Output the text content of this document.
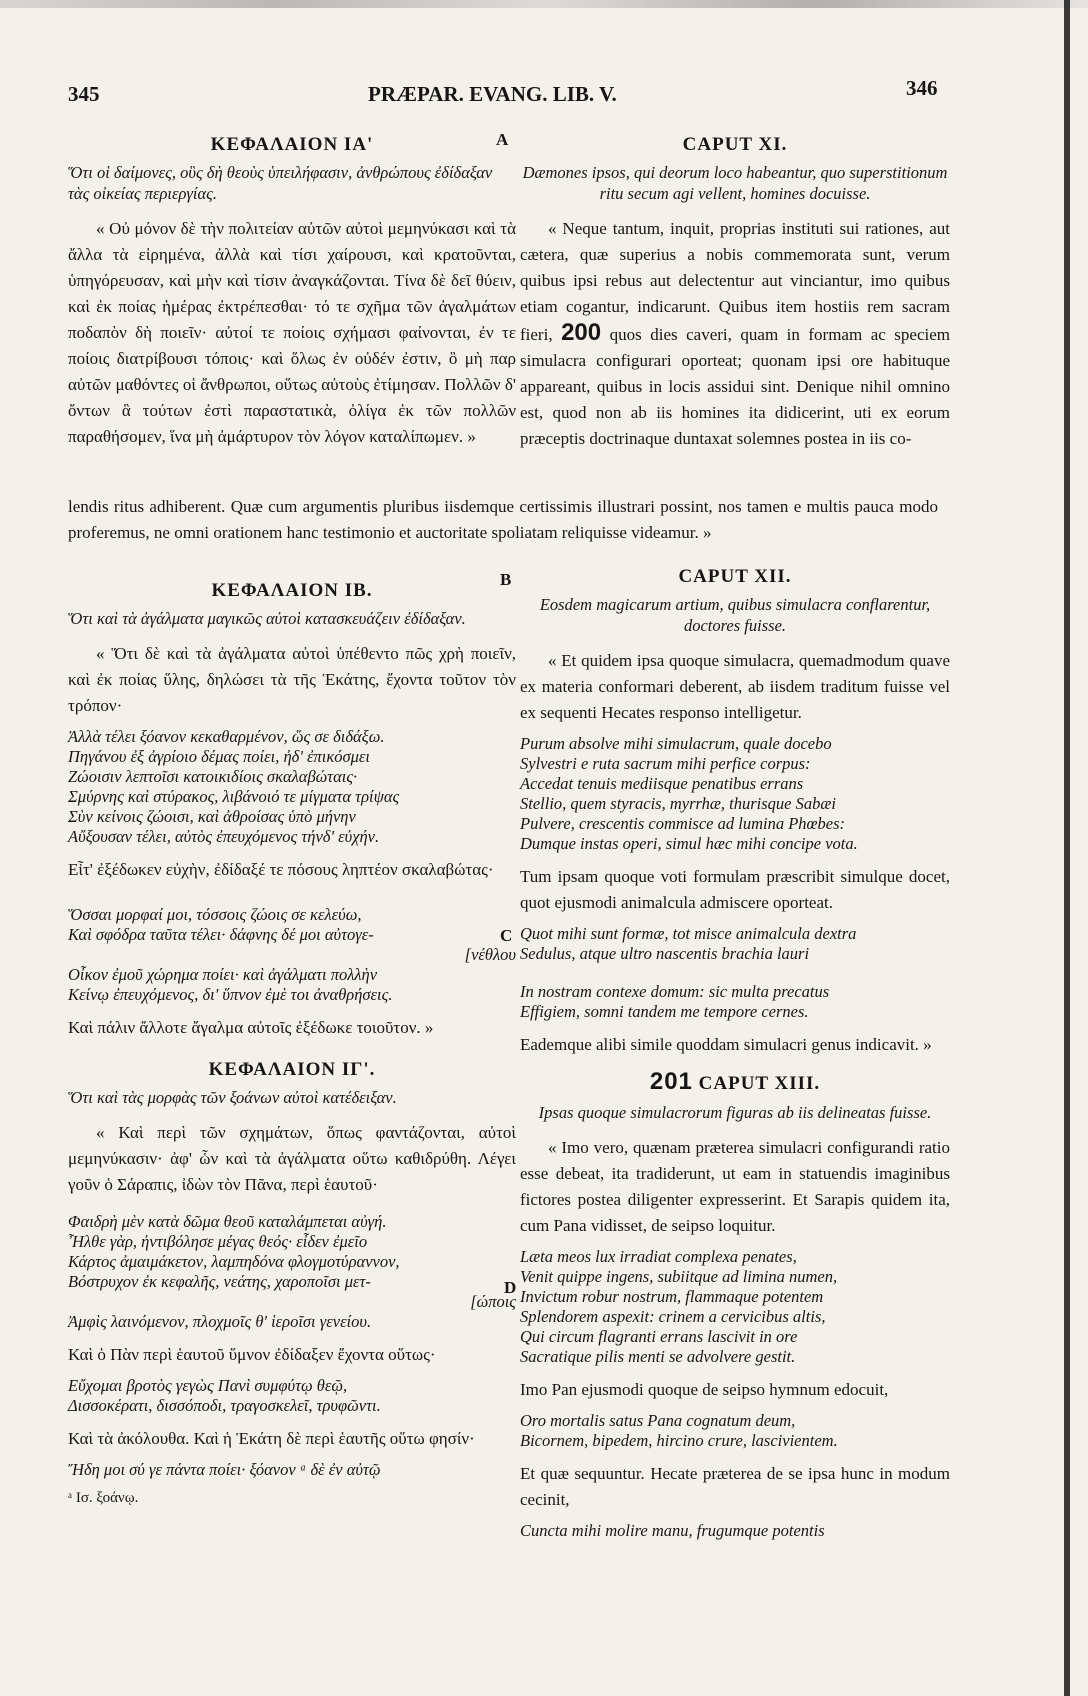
345	PRÆPAR. EVANG. LIB. V.	346
A
B
C
D
ΚΕΦΑΛΑΙΟΝ ΙΑ'
Ὅτι οἱ δαίμονες, οὓς δὴ θεοὺς ὑπειλήφασιν, ἀνθρώπους ἐδίδαξαν τὰς οἰκείας περιεργίας.

« Οὐ μόνον δὲ τὴν πολιτείαν αὐτῶν αὐτοὶ μεμηνύκασι καὶ τὰ ἄλλα τὰ εἰρημένα, ἀλλὰ καὶ τίσι χαίρουσι, καὶ κρατοῦνται, ὑπηγόρευσαν, καὶ μὴν καὶ τίσιν ἀναγκάζονται. Τίνα δὲ δεῖ θύειν, καὶ ἐκ ποίας ἡμέρας ἐκτρέπεσθαι· τό τε σχῆμα τῶν ἀγαλμάτων ποδαπὸν δὴ ποιεῖν· αὐτοί τε ποίοις σχήμασι φαίνονται, ἐν τε ποίοις διατρίβουσι τόποις· καὶ ὅλως ἐν οὐδέν ἐστιν, ὃ μὴ παρ αὐτῶν μαθόντες οἱ ἄνθρωποι, οὕτως αὐτοὺς ἐτίμησαν. Πολλῶν δ' ὄντων ἃ τούτων ἐστὶ παραστατικὰ, ὀλίγα ἐκ τῶν πολλῶν παραθήσομεν, ἵνα μὴ ἀμάρτυρον τὸν λόγον καταλίπωμεν. »

CAPUT XI.
Dæmones ipsos, qui deorum loco habeantur, quo superstitionum ritu secum agi vellent, homines docuisse.

« Neque tantum, inquit, proprias instituti sui rationes, aut cætera, quæ superius a nobis commemorata sunt, verum quibus ipsi rebus aut delectentur aut vinciantur, imo quibus etiam cogantur, indicarunt. Quibus item hostiis rem sacram fieri, 200 quos dies caveri, quam in formam ac speciem simulacra configurari oporteat; quonam ipsi ore habituque appareant, quibus in locis assidui sint. Denique nihil omnino est, quod non ab iis homines ita didicerint, uti ex eorum præceptis doctrinaque duntaxat solemnes postea in iis co-

lendis ritus adhiberent. Quæ cum argumentis pluribus iisdemque certissimis illustrari possint, nos tamen e multis pauca modo proferemus, ne omni orationem hanc testimonio et auctoritate spoliatam reliquisse videamur. »

ΚΕΦΑΛΑΙΟΝ ΙΒ.
Ὅτι καὶ τὰ ἀγάλματα μαγικῶς αὐτοὶ κατασκευάζειν ἐδίδαξαν.

« Ὅτι δὲ καὶ τὰ ἀγάλματα αὐτοὶ ὑπέθεντο πῶς χρὴ ποιεῖν, καὶ ἐκ ποίας ὕλης, δηλώσει τὰ τῆς Ἑκάτης, ἔχοντα τοῦτον τὸν τρόπον·

Ἀλλὰ τέλει ξόανον κεκαθαρμένον, ὥς σε διδάξω.
Πηγάνου ἐξ ἀγρίοιο δέμας ποίει, ἠδ' ἐπικόσμει
Ζώοισιν λεπτοῖσι κατοικιδίοις σκαλαβώταις·
Σμύρνης καὶ στύρακος, λιβάνοιό τε μίγματα τρίψας
Σὺν κείνοις ζώοισι, καὶ ἀθροίσας ὑπὸ μήνην
Αὔξουσαν τέλει, αὐτὸς ἐπευχόμενος τήνδ' εὐχήν.

Εἶτ' ἐξέδωκεν εὐχὴν, ἐδίδαξέ τε πόσους ληπτέον σκαλαβώτας·

Ὅσσαι μορφαί μοι, τόσσοις ζώοις σε κελεύω,
Καὶ σφόδρα ταῦτα τέλει· δάφνης δέ μοι αὐτογε-
[νέθλου
Οἶκον ἐμοῦ χώρημα ποίει· καὶ ἀγάλματι πολλὴν
Κείνῳ ἐπευχόμενος, δι' ὕπνον ἐμὲ τοι ἀναθρήσεις.

Καὶ πάλιν ἄλλοτε ἄγαλμα αὐτοῖς ἐξέδωκε τοιοῦτον. »

ΚΕΦΑΛΑΙΟΝ ΙΓ'.
Ὅτι καὶ τὰς μορφὰς τῶν ξοάνων αὐτοὶ κατέδειξαν.

« Καὶ περὶ τῶν σχημάτων, ὅπως φαντάζονται, αὐτοὶ μεμηνύκασιν· ἀφ' ὧν καὶ τὰ ἀγάλματα οὕτω καθιδρύθη. Λέγει γοῦν ὁ Σάραπις, ἰδὼν τὸν Πᾶνα, περὶ ἑαυτοῦ·

Φαιδρὴ μὲν κατὰ δῶμα θεοῦ καταλάμπεται αὐγή.
Ἦλθε γὰρ, ἠντιβόλησε μέγας θεός· εἶδεν ἐμεῖο
Κάρτος ἀμαιμάκετον, λαμπηδόνα φλογμοτύραννον,
Βόστρυχον ἐκ κεφαλῆς, νεάτης, χαροποῖσι μετ-
[ώποις
Ἀμφὶς λαινόμενον, πλοχμοῖς θ' ἱεροῖσι γενείου.

Καὶ ὁ Πὰν περὶ ἑαυτοῦ ὕμνον ἐδίδαξεν ἔχοντα οὕτως·

Εὔχομαι βροτὸς γεγὼς Πανὶ συμφύτῳ θεῷ,
Δισσοκέρατι, δισσόποδι, τραγοσκελεῖ, τρυφῶντι.

Καὶ τὰ ἀκόλουθα. Καὶ ἡ Ἑκάτη δὲ περὶ ἑαυτῆς οὕτω φησίν·

Ἤδη μοι σύ γε πάντα ποίει· ξόανον ᵃ δὲ ἐν αὐτῷ
ᵃ Ισ. ξοάνῳ.
CAPUT XII.
Eosdem magicarum artium, quibus simulacra conflarentur, doctores fuisse.

« Et quidem ipsa quoque simulacra, quemadmodum quave ex materia conformari deberent, ab iisdem traditum fuisse vel ex sequenti Hecates responso intelligetur.

Purum absolve mihi simulacrum, quale docebo
Sylvestri e ruta sacrum mihi perfice corpus:
Accedat tenuis mediisque penatibus errans
Stellio, quem styracis, myrrhæ, thurisque Sabæi
Pulvere, crescentis commisce ad lumina Phœbes:
Dumque instas operi, simul hæc mihi concipe vota.

Tum ipsam quoque voti formulam præscribit simulque docet, quot ejusmodi animalcula admiscere oporteat.

Quot mihi sunt formæ, tot misce animalcula dextra
Sedulus, atque ultro nascentis brachia lauri
In nostram contexe domum: sic multa precatus
Effigiem, somni tandem me tempore cernes.

Eademque alibi simile quoddam simulacri genus indicavit. »

201 CAPUT XIII.
Ipsas quoque simulacrorum figuras ab iis delineatas fuisse.

« Imo vero, quænam præterea simulacri configurandi ratio esse debeat, ita tradiderunt, ut eam in statuendis imaginibus fictores postea diligenter expresserint. Et Sarapis quidem ita, cum Pana vidisset, de seipso loquitur.

Læta meos lux irradiat complexa penates,
Venit quippe ingens, subiitque ad limina numen,
Invictum robur nostrum, flammaque potentem
Splendorem aspexit: crinem a cervicibus altis,
Qui circum flagranti errans lascivit in ore
Sacratique pilis menti se advolvere gestit.

Imo Pan ejusmodi quoque de seipso hymnum edocuit,

Oro mortalis satus Pana cognatum deum,
Bicornem, bipedem, hircino crure, lascivientem.

Et quæ sequuntur. Hecate præterea de se ipsa hunc in modum cecinit,

Cuncta mihi molire manu, frugumque potentis
